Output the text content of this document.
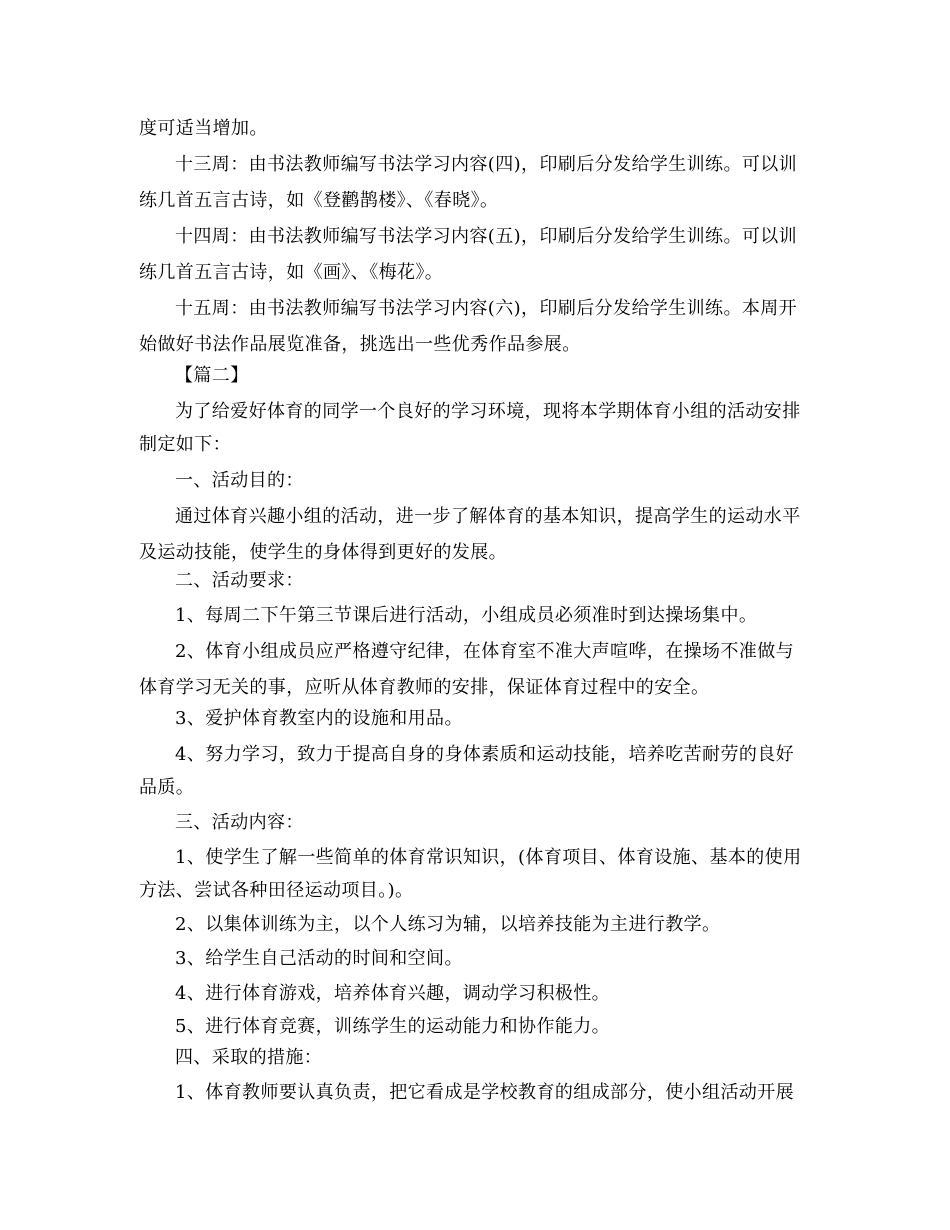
度可适当增加。
十三周：由书法教师编写书法学习内容(四)，印刷后分发给学生训练。可以训
练几首五言古诗，如《登鹳鹊楼》、《春晓》。
十四周：由书法教师编写书法学习内容(五)，印刷后分发给学生训练。可以训
练几首五言古诗，如《画》、《梅花》。
十五周：由书法教师编写书法学习内容(六)，印刷后分发给学生训练。本周开
始做好书法作品展览准备，挑选出一些优秀作品参展。
【篇二】
为了给爱好体育的同学一个良好的学习环境，现将本学期体育小组的活动安排
制定如下：
一、活动目的：
通过体育兴趣小组的活动，进一步了解体育的基本知识，提高学生的运动水平
及运动技能，使学生的身体得到更好的发展。
二、活动要求：
1、每周二下午第三节课后进行活动，小组成员必须准时到达操场集中。
2、体育小组成员应严格遵守纪律，在体育室不准大声喧哗，在操场不准做与
体育学习无关的事，应听从体育教师的安排，保证体育过程中的安全。
3、爱护体育教室内的设施和用品。
4、努力学习，致力于提高自身的身体素质和运动技能，培养吃苦耐劳的良好
品质。
三、活动内容：
1、使学生了解一些简单的体育常识知识，(体育项目、体育设施、基本的使用
方法、尝试各种田径运动项目。)。
2、以集体训练为主，以个人练习为辅，以培养技能为主进行教学。
3、给学生自己活动的时间和空间。
4、进行体育游戏，培养体育兴趣，调动学习积极性。
5、进行体育竞赛，训练学生的运动能力和协作能力。
四、采取的措施：
1、体育教师要认真负责，把它看成是学校教育的组成部分，使小组活动开展
